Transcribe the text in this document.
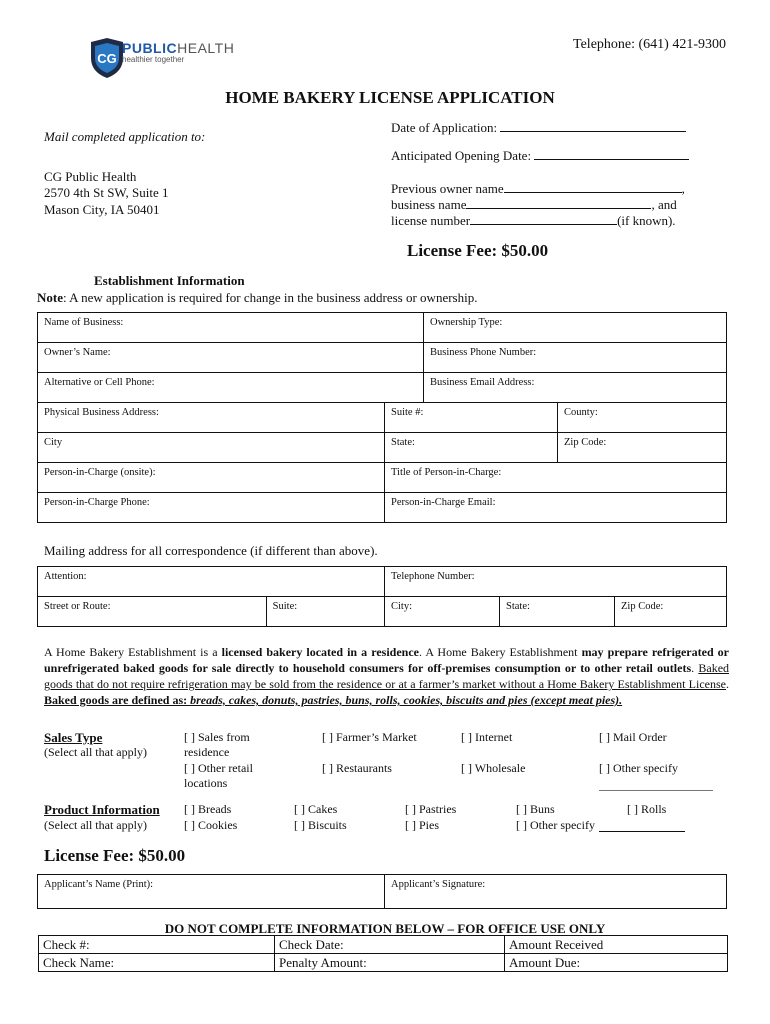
CG
PUBLICHEALTH
healthier together
Telephone: (641) 421-9300
HOME BAKERY LICENSE APPLICATION
Mail completed application to:
CG Public Health
2570 4th St SW, Suite 1
Mason City, IA 50401
Date of Application:
Anticipated Opening Date:
Previous owner name	,
business name	, and
license number	(if known).
License Fee: $50.00
Establishment Information
Note: A new application is required for change in the business address or ownership.
Name of Business:	Ownership Type:
Owner’s Name:	Business Phone Number:
Alternative or Cell Phone:	Business Email Address:
Physical Business Address:	Suite #:	County:
City	State:	Zip Code:
Person-in-Charge (onsite):	Title of Person-in-Charge:	
Person-in-Charge Phone:	Person-in-Charge Email:	
Mailing address for all correspondence (if different than above).
Attention:		Telephone Number:		
Street or Route:	Suite:	City:	State:	Zip Code:
A Home Bakery Establishment is a licensed bakery located in a residence. A Home Bakery Establishment may prepare refrigerated or unrefrigerated baked goods for sale directly to household consumers for off-premises consumption or to other retail outlets. Baked goods that do not require refrigeration may be sold from the residence or at a farmer’s market without a Home Bakery Establishment License. Baked goods are defined as: breads, cakes, donuts, pastries, buns, rolls, cookies, biscuits and pies (except meat pies).
Sales Type
(Select all that apply)
[ ] Sales from residence
[ ] Farmer’s Market	[ ] Internet	[ ] Mail Order
[ ] Other retail locations
[ ] Restaurants	[ ] Wholesale	[ ] Other specify
Product Information
(Select all that apply)
[ ] Breads	[ ] Cakes	[ ] Pastries	[ ] Buns	[ ] Rolls
[ ] Cookies	[ ] Biscuits	[ ] Pies	[ ] Other specify
License Fee: $50.00
Applicant’s Name (Print):	Applicant’s Signature:
DO NOT COMPLETE INFORMATION BELOW – FOR OFFICE USE ONLY
Check #:	Check Date:	Amount Received
Check Name:	Penalty Amount:	Amount Due:
